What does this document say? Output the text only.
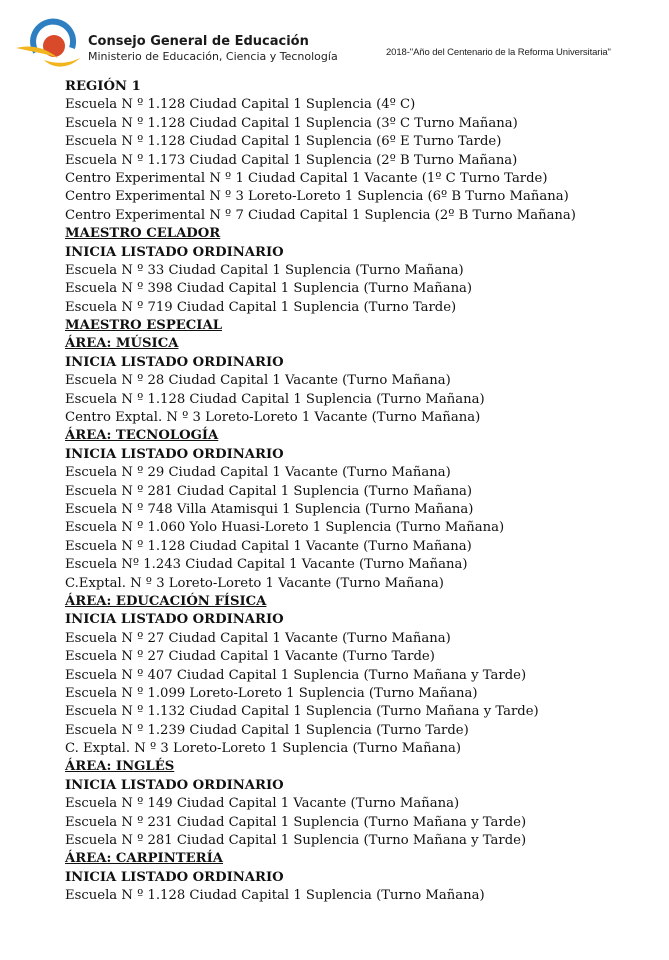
Consejo General de Educación
Ministerio de Educación, Ciencia y Tecnología	2018-"Año del Centenario de la Reforma Universitaria"
REGIÓN 1
Escuela N º 1.128 Ciudad Capital 1 Suplencia (4º C)
Escuela N º 1.128 Ciudad Capital 1 Suplencia (3º C Turno Mañana)
Escuela N º 1.128 Ciudad Capital 1 Suplencia (6º E Turno Tarde)
Escuela N º 1.173 Ciudad Capital 1 Suplencia (2º B Turno Mañana)
Centro Experimental N º 1 Ciudad Capital 1 Vacante (1º C Turno Tarde)
Centro Experimental N º 3 Loreto-Loreto 1 Suplencia (6º B Turno Mañana)
Centro Experimental N º 7 Ciudad Capital 1 Suplencia (2º B Turno Mañana)
MAESTRO CELADOR
INICIA LISTADO ORDINARIO
Escuela N º 33 Ciudad Capital 1 Suplencia (Turno Mañana)
Escuela N º 398 Ciudad Capital 1 Suplencia (Turno Mañana)
Escuela N º 719 Ciudad Capital 1 Suplencia (Turno Tarde)
MAESTRO ESPECIAL
ÁREA: MÚSICA
INICIA LISTADO ORDINARIO
Escuela N º 28 Ciudad Capital 1 Vacante (Turno Mañana)
Escuela N º 1.128 Ciudad Capital 1 Suplencia (Turno Mañana)
Centro Exptal. N º 3 Loreto-Loreto 1 Vacante (Turno Mañana)
ÁREA: TECNOLOGÍA
INICIA LISTADO ORDINARIO
Escuela N º 29 Ciudad Capital 1 Vacante (Turno Mañana)
Escuela N º 281 Ciudad Capital 1 Suplencia (Turno Mañana)
Escuela N º 748 Villa Atamisqui 1 Suplencia (Turno Mañana)
Escuela N º 1.060 Yolo Huasi-Loreto 1 Suplencia (Turno Mañana)
Escuela N º 1.128 Ciudad Capital 1 Vacante (Turno Mañana)
Escuela Nº 1.243 Ciudad Capital 1 Vacante (Turno Mañana)
C.Exptal. N º 3 Loreto-Loreto 1 Vacante (Turno Mañana)
ÁREA: EDUCACIÓN FÍSICA
INICIA LISTADO ORDINARIO
Escuela N º 27 Ciudad Capital 1 Vacante (Turno Mañana)
Escuela N º 27 Ciudad Capital 1 Vacante (Turno Tarde)
Escuela N º 407 Ciudad Capital 1 Suplencia (Turno Mañana y Tarde)
Escuela N º 1.099 Loreto-Loreto 1 Suplencia (Turno Mañana)
Escuela N º 1.132 Ciudad Capital 1 Suplencia (Turno Mañana y Tarde)
Escuela N º 1.239 Ciudad Capital 1 Suplencia (Turno Tarde)
C. Exptal. N º 3 Loreto-Loreto 1 Suplencia (Turno Mañana)
ÁREA: INGLÉS
INICIA LISTADO ORDINARIO
Escuela N º 149 Ciudad Capital 1 Vacante (Turno Mañana)
Escuela N º 231 Ciudad Capital 1 Suplencia (Turno Mañana y Tarde)
Escuela N º 281 Ciudad Capital 1 Suplencia (Turno Mañana y Tarde)
ÁREA: CARPINTERÍA
INICIA LISTADO ORDINARIO
Escuela N º 1.128 Ciudad Capital 1 Suplencia (Turno Mañana)
